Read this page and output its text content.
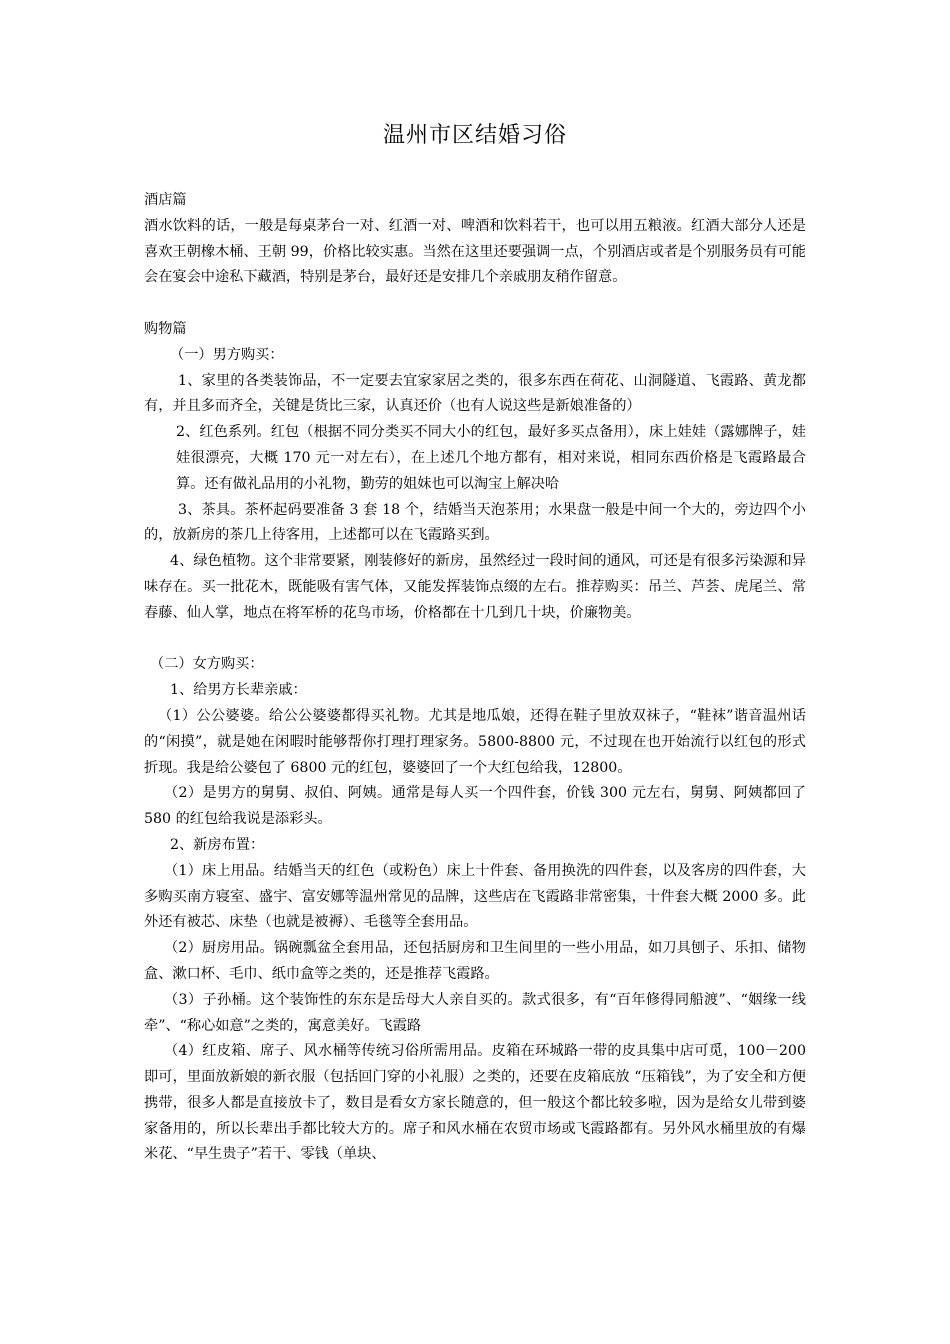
温州市区结婚习俗

酒店篇

酒水饮料的话，一般是每桌茅台一对、红酒一对、啤酒和饮料若干，也可以用五粮液。红酒大部分人还是喜欢王朝橡木桶、王朝 99，价格比较实惠。当然在这里还要强调一点，个别酒店或者是个别服务员有可能会在宴会中途私下藏酒，特别是茅台，最好还是安排几个亲戚朋友稍作留意。

购物篇

（一）男方购买：

1、家里的各类装饰品，不一定要去宜家家居之类的，很多东西在荷花、山洞隧道、飞霞路、黄龙都有，并且多而齐全，关键是货比三家，认真还价（也有人说这些是新娘准备的）

2、红色系列。红包（根据不同分类买不同大小的红包，最好多买点备用），床上娃娃（露娜牌子，娃娃很漂亮，大概 170 元一对左右），在上述几个地方都有，相对来说，相同东西价格是飞霞路最合算。还有做礼品用的小礼物，勤劳的姐妹也可以淘宝上解决哈

3、茶具。茶杯起码要准备 3 套 18 个，结婚当天泡茶用；水果盘一般是中间一个大的，旁边四个小的，放新房的茶几上待客用，上述都可以在飞霞路买到。

4、绿色植物。这个非常要紧，刚装修好的新房，虽然经过一段时间的通风，可还是有很多污染源和异味存在。买一批花木，既能吸有害气体，又能发挥装饰点缀的左右。推荐购买：吊兰、芦荟、虎尾兰、常春藤、仙人掌，地点在将军桥的花鸟市场，价格都在十几到几十块，价廉物美。

（二）女方购买：

1、给男方长辈亲戚：

（1）公公婆婆。给公公婆婆都得买礼物。尤其是地瓜娘，还得在鞋子里放双袜子，“鞋袜”谐音温州话的“闲摸”，就是她在闲暇时能够帮你打理打理家务。5800-8800 元，不过现在也开始流行以红包的形式折现。我是给公婆包了 6800 元的红包，婆婆回了一个大红包给我，12800。

（2）是男方的舅舅、叔伯、阿姨。通常是每人买一个四件套，价钱 300 元左右，舅舅、阿姨都回了 580 的红包给我说是添彩头。

2、新房布置：

（1）床上用品。结婚当天的红色（或粉色）床上十件套、备用换洗的四件套，以及客房的四件套，大多购买南方寝室、盛宇、富安娜等温州常见的品牌，这些店在飞霞路非常密集，十件套大概 2000 多。此外还有被芯、床垫（也就是被褥）、毛毯等全套用品。

（2）厨房用品。锅碗瓢盆全套用品，还包括厨房和卫生间里的一些小用品，如刀具刨子、乐扣、储物盒、漱口杯、毛巾、纸巾盒等之类的，还是推荐飞霞路。

（3）子孙桶。这个装饰性的东东是岳母大人亲自买的。款式很多，有“百年修得同船渡”、“姻缘一线牵”、“称心如意”之类的，寓意美好。飞霞路

（4）红皮箱、席子、风水桶等传统习俗所需用品。皮箱在环城路一带的皮具集中店可觅，100－200 即可，里面放新娘的新衣服（包括回门穿的小礼服）之类的，还要在皮箱底放 “压箱钱”，为了安全和方便携带，很多人都是直接放卡了，数目是看女方家长随意的，但一般这个都比较多啦，因为是给女儿带到婆家备用的，所以长辈出手都比较大方的。席子和风水桶在农贸市场或飞霞路都有。另外风水桶里放的有爆米花、“早生贵子”若干、零钱（单块、
